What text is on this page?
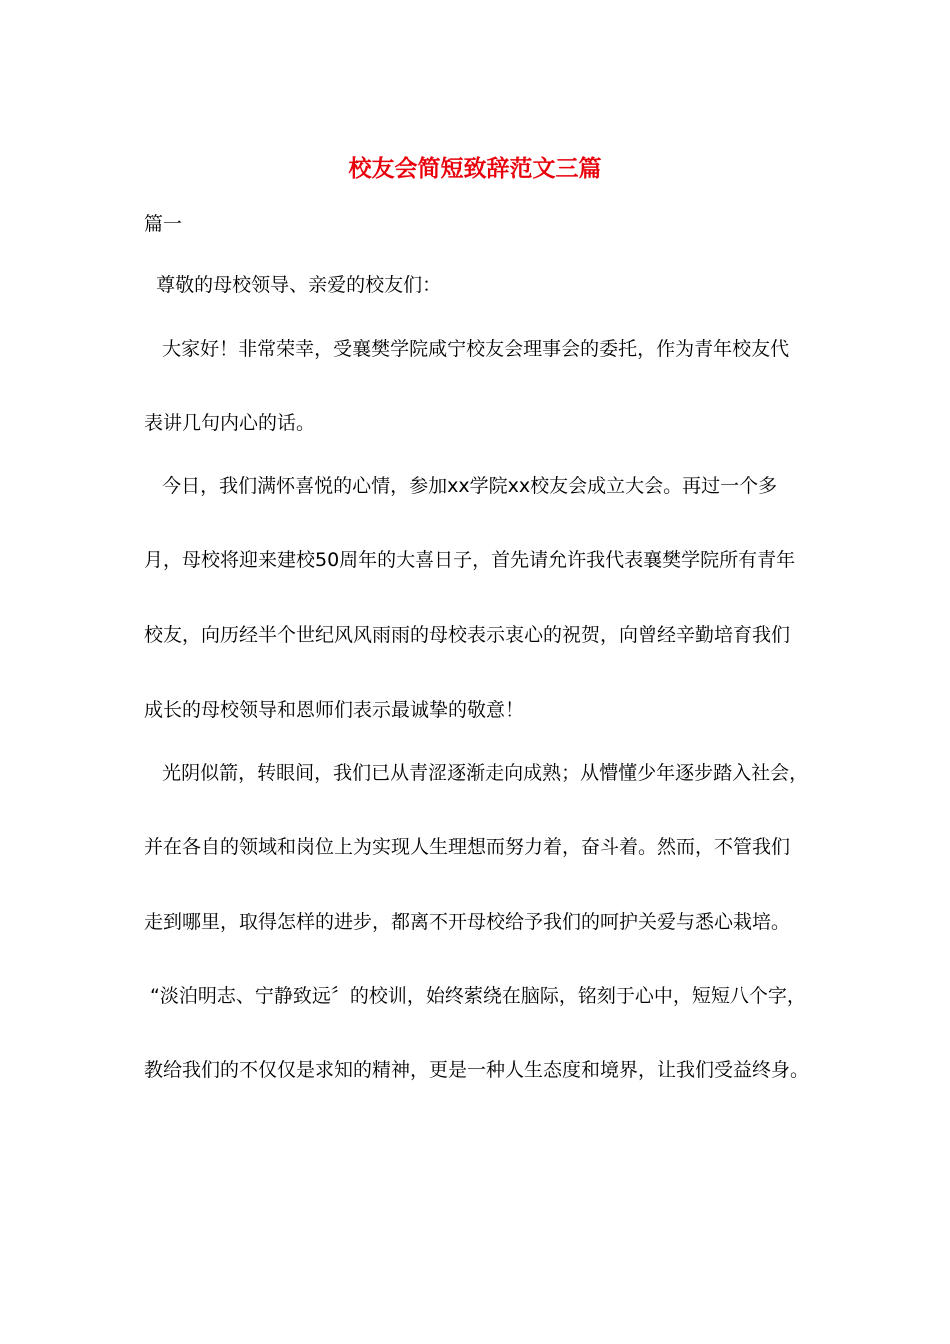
校友会简短致辞范文三篇

篇一

尊敬的母校领导、亲爱的校友们：

大家好！非常荣幸，受襄樊学院咸宁校友会理事会的委托，作为青年校友代

表讲几句内心的话。

今日，我们满怀喜悦的心情，参加xx学院xx校友会成立大会。再过一个多

月，母校将迎来建校50周年的大喜日子，首先请允许我代表襄樊学院所有青年

校友，向历经半个世纪风风雨雨的母校表示衷心的祝贺，向曾经辛勤培育我们

成长的母校领导和恩师们表示最诚挚的敬意！

光阴似箭，转眼间，我们已从青涩逐渐走向成熟；从懵懂少年逐步踏入社会，

并在各自的领域和岗位上为实现人生理想而努力着，奋斗着。然而，不管我们

走到哪里，取得怎样的进步，都离不开母校给予我们的呵护关爱与悉心栽培。

“淡泊明志、宁静致远〞的校训，始终萦绕在脑际，铭刻于心中，短短八个字，

教给我们的不仅仅是求知的精神，更是一种人生态度和境界，让我们受益终身。
